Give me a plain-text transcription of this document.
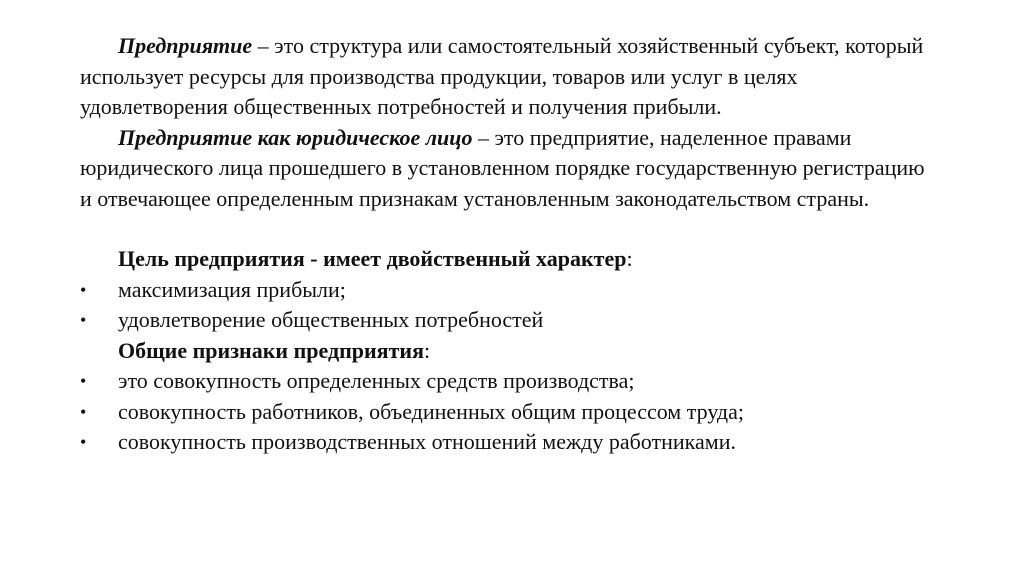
Предприятие – это структура или самостоятельный хозяйственный субъект, который использует ресурсы для производства продукции, товаров или услуг в целях удовлетворения общественных потребностей и получения прибыли.

Предприятие как юридическое лицо – это предприятие, наделенное правами юридического лица прошедшего в установленном порядке государственную регистрацию и отвечающее определенным признакам установленным законодательством страны.

Цель предприятия - имеет двойственный характер:

• максимизация прибыли;
• удовлетворение общественных потребностей

Общие признаки предприятия:

• это совокупность определенных средств производства;
• совокупность работников, объединенных общим процессом труда;
• совокупность производственных отношений между работниками.
